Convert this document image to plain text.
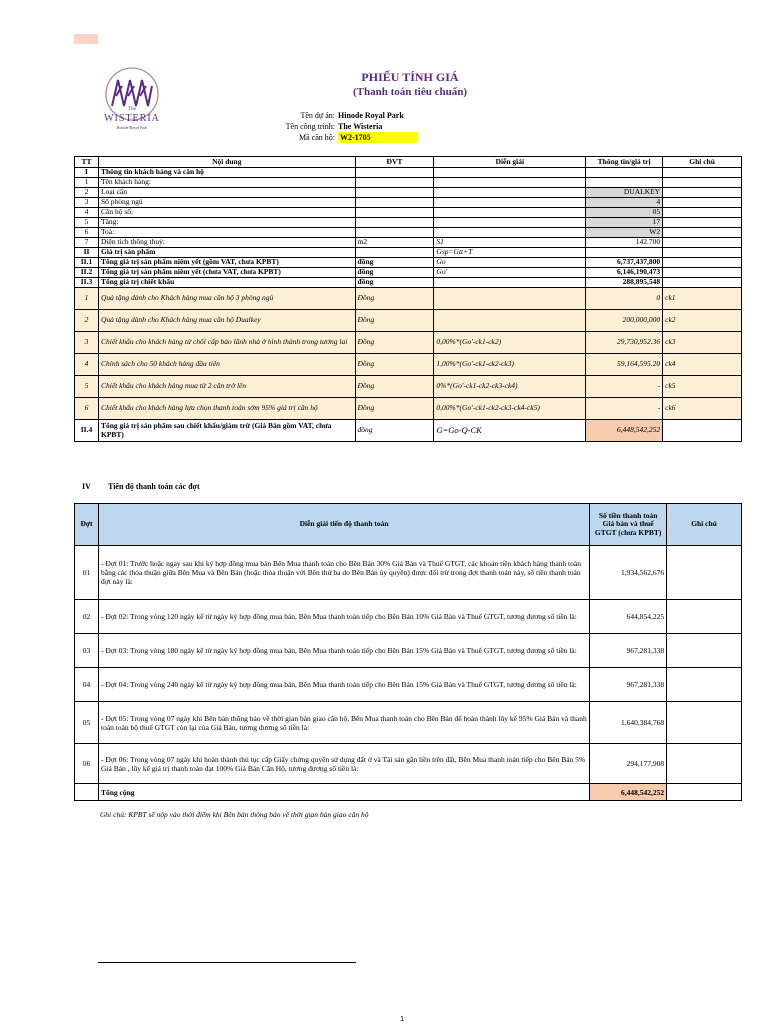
The
WISTERIA
Hinode Royal Park
PHIẾU TÍNH GIÁ
(Thanh toán tiêu chuẩn)
Tên dự án: Hinode Royal Park
Tên công trình: The Wisteria
Mã căn hộ: W2-1705
TT	Nội dung	ĐVT	Diễn giải	Thông tin/giá trị	Ghi chú
I	Thông tin khách hàng và căn hộ				
1	Tên khách hàng:				
2	Loại căn			DUALKEY	
3	Số phòng ngủ			4	
4	Căn hộ số:			05	
5	Tầng:			17	
6	Toà:			W2	
7	Diện tích thông thuỷ:	m2	S1	142.700	
II	Giá trị sản phẩm		Gsp=Gtt+T		
II.1	Tổng giá trị sản phẩm niêm yết (gồm VAT, chưa KPBT)	đồng	Go	6,737,437,800	
II.2	Tổng giá trị sản phẩm niêm yết (chưa VAT, chưa KPBT)	đồng	Go'	6,146,190,473	
II.3	Tổng giá trị chiết khấu	đồng		288,895,548	
1	Quà tặng dành cho Khách hàng mua căn hộ 3 phòng ngủ	Đồng		0	ck1
2	Quà tặng dành cho Khách hàng mua căn hộ Dualkey	Đồng		200,000,000	ck2
3	Chiết khấu cho khách hàng từ chối cấp bảo lãnh nhà ở hình thành trong tương lai	Đồng	0,00%*(Go'-ck1-ck2)	29,730,952.36	ck3
4	Chính sách cho 50 khách hàng đầu tiên	Đồng	1,00%*(Go'-ck1-ck2-ck3)	59,164,595.20	ck4
5	Chiết khấu cho khách hàng mua từ 2 căn trở lên	Đồng	0%*(Go'-ck1-ck2-ck3-ck4)	-	ck5
6	Chiết khấu cho khách hàng lựa chọn thanh toán sớm 95% giá trị căn hộ	Đồng	0,00%*(Go'-ck1-ck2-ck3-ck4-ck5)	-	ck6
II.4	Tổng giá trị sản phẩm sau chiết khấu/giảm trừ (Giá Bán gồm VAT, chưa KPBT)	đồng	G=Go-Q-CK	6,448,542,252	
IV Tiến độ thanh toán các đợt
Đợt	Diễn giải tiến độ thanh toán	Số tiền thanh toán Giá bán và thuế GTGT (chưa KPBT)	Ghi chú
01	- Đợt 01: Trước hoặc ngay sau khi ký hợp đồng mua bán Bên Mua thanh toán cho Bên Bán 30% Giá Bán và Thuế GTGT, các khoản tiền khách hàng thanh toán bằng các thỏa thuận giữa Bên Mua và Bên Bán (hoặc thỏa thuận với Bên thứ ba do Bên Bán ủy quyền) được đối trừ trong đợt thanh toán này, số tiền thanh toán đợt này là:	1,934,562,676	
02	- Đợt 02: Trong vòng 120 ngày kể từ ngày ký hợp đồng mua bán, Bên Mua thanh toán tiếp cho Bên Bán 10% Giá Bán và Thuế GTGT, tương đương số tiền là:	644,854,225	
03	- Đợt 03: Trong vòng 180 ngày kể từ ngày ký hợp đồng mua bán, Bên Mua thanh toán tiếp cho Bên Bán 15% Giá Bán và Thuế GTGT, tương đương số tiền là:	967,281,338	
04	- Đợt 04: Trong vòng 240 ngày kể từ ngày ký hợp đồng mua bán, Bên Mua thanh toán tiếp cho Bên Bán 15% Giá Bán và Thuế GTGT, tương đương số tiền là:	967,281,338	
05	- Đợt 05: Trong vòng 07 ngày khi Bên bán thông báo về thời gian bàn giao căn hộ, Bên Mua thanh toán cho Bên Bán để hoàn thành lũy kế 95% Giá Bán và thanh toán toàn bộ thuế GTGT còn lại của Giá Bán, tương đương số tiền là:	1,640,384,768	
06	- Đợt 06: Trong vòng 07 ngày khi hoàn thành thủ tục cấp Giấy chứng quyền sử dụng đất ở và Tài sản gắn liền trên đất, Bên Mua thanh toán tiếp cho Bên Bán 5% Giá Bán , lũy kế giá trị thanh toán đạt 100% Giá Bán Căn Hộ, tương đương số tiền là:	294,177,908	
	Tổng cộng	6,448,542,252	
Ghi chú: KPBT sẽ nộp vào thời điểm khi Bên bán thông báo về thời gian bàn giao căn hộ
1
